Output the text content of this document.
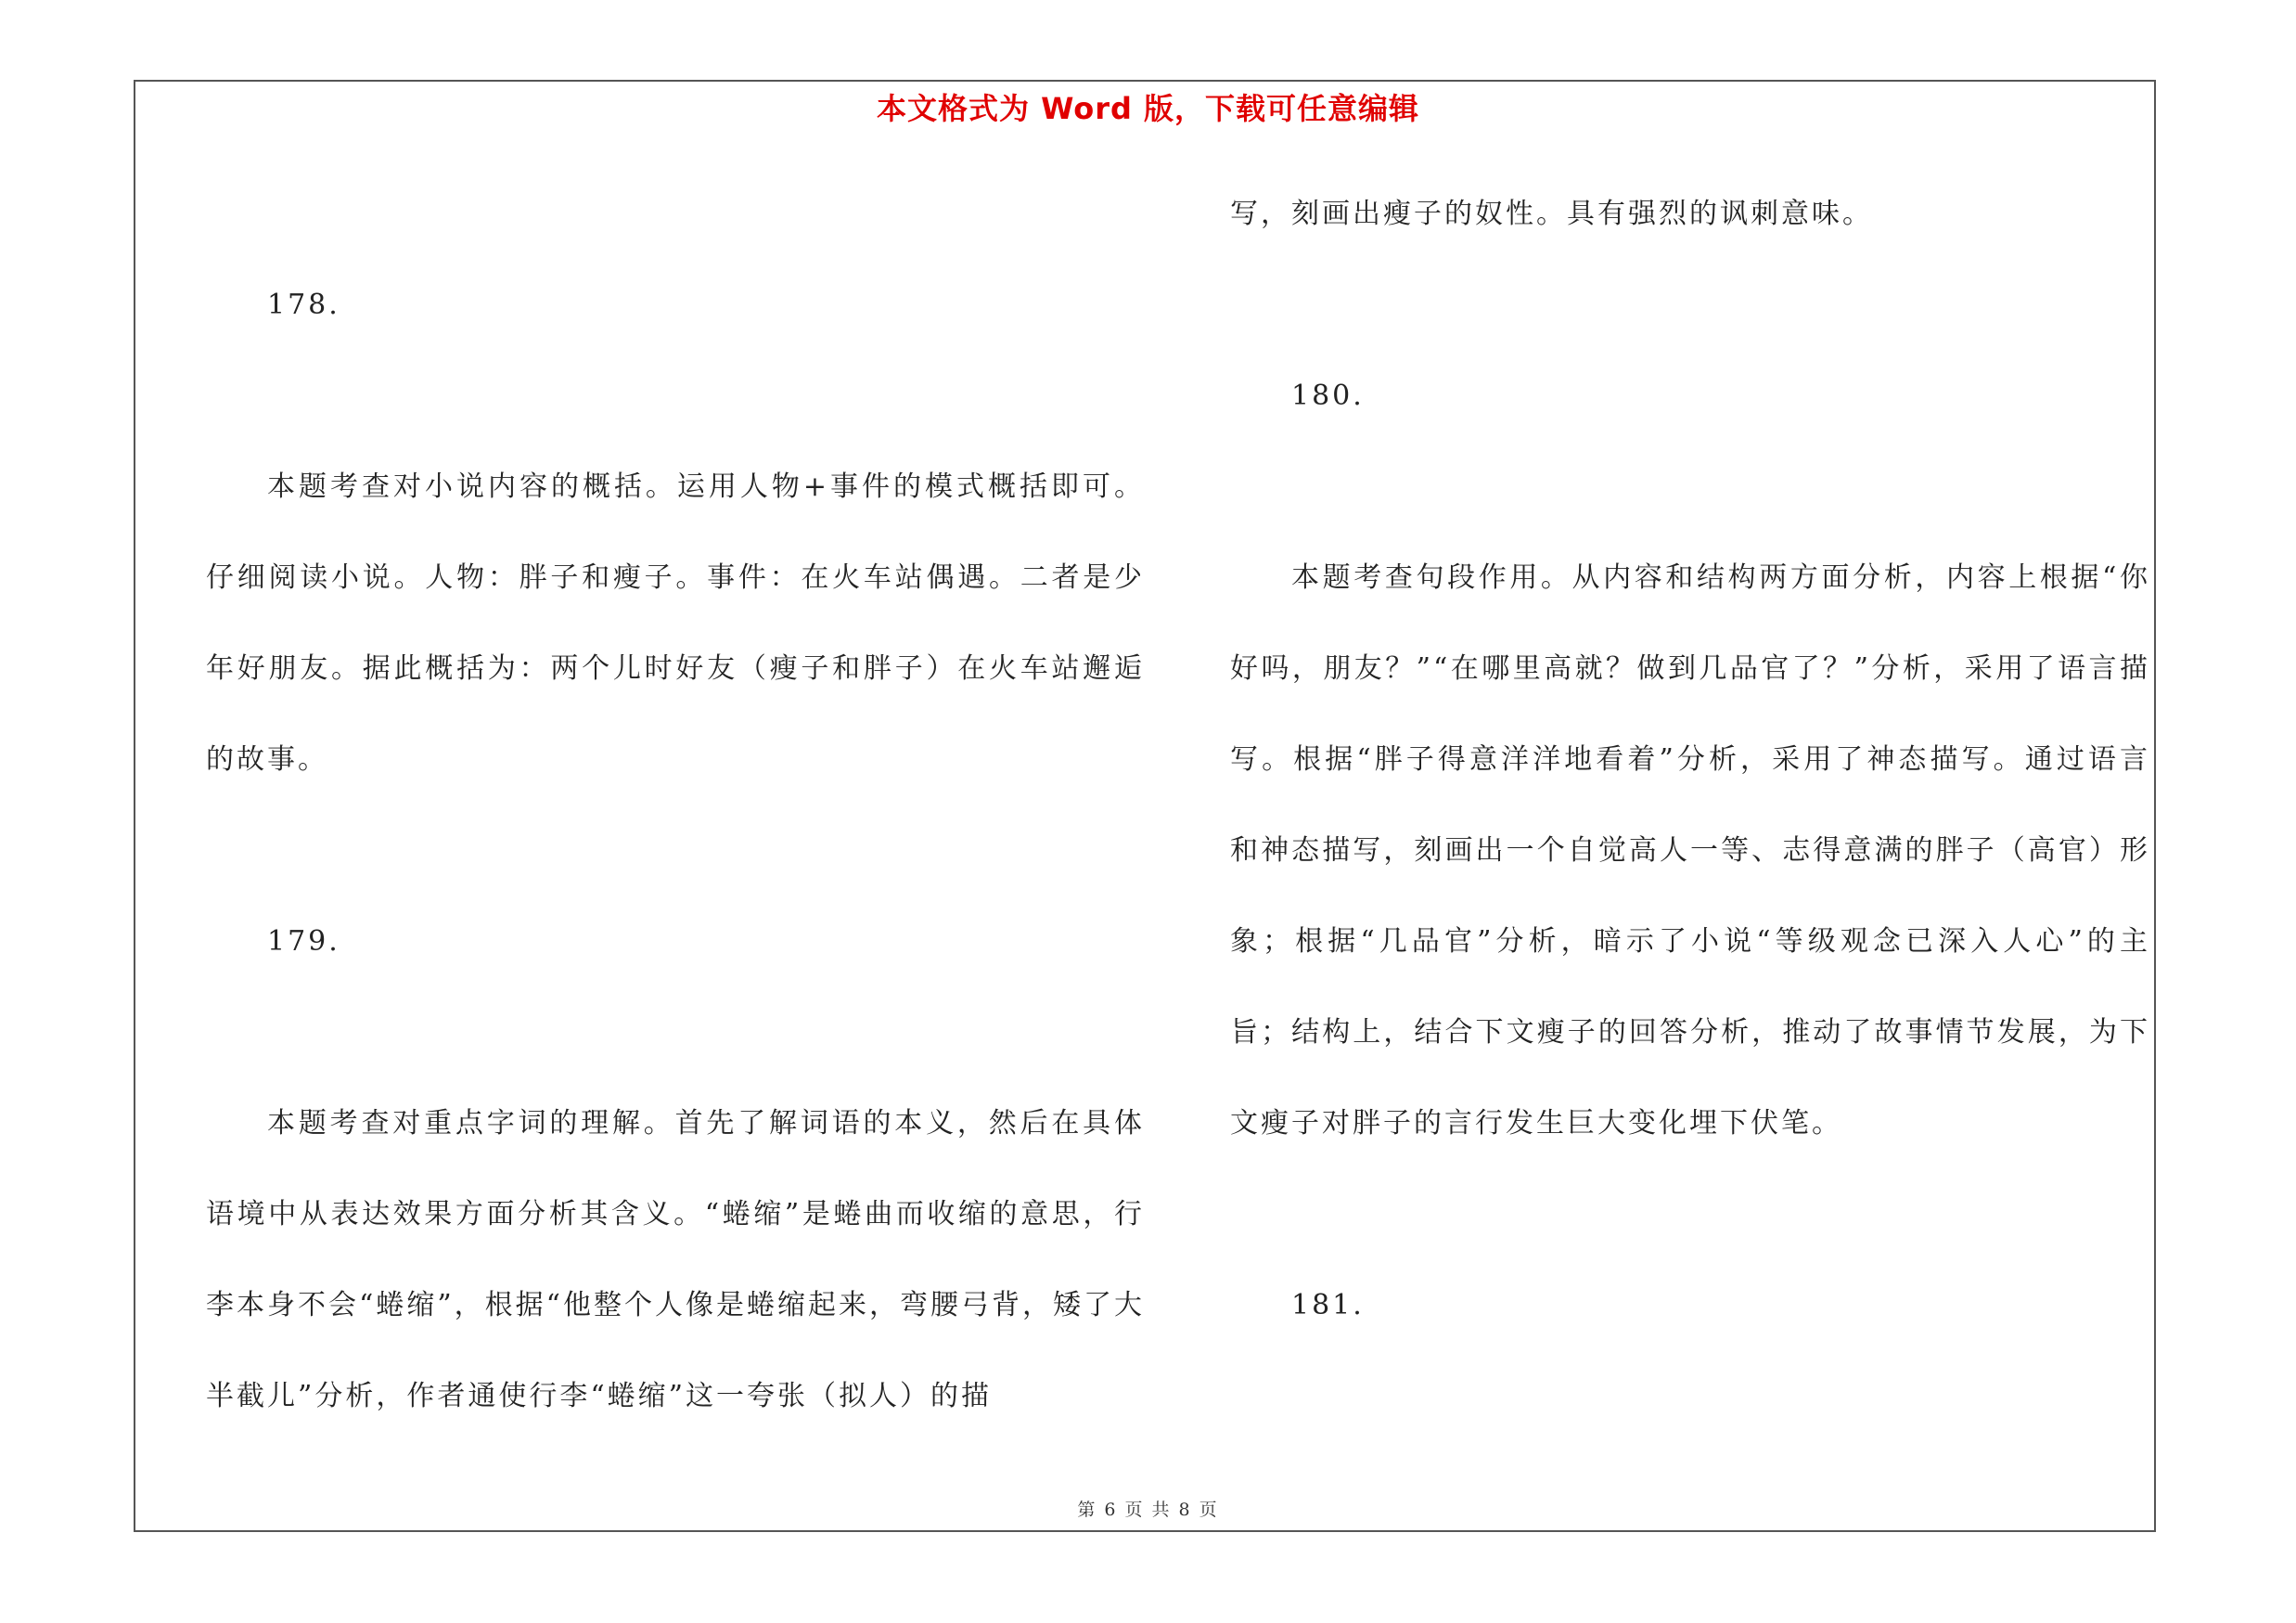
本文格式为 Word 版，下载可任意编辑

178.

本题考查对小说内容的概括。运用人物+事件的模式概括即可。仔细阅读小说。人物：胖子和瘦子。事件：在火车站偶遇。二者是少年好朋友。据此概括为：两个儿时好友（瘦子和胖子）在火车站邂逅的故事。

179.

本题考查对重点字词的理解。首先了解词语的本义，然后在具体语境中从表达效果方面分析其含义。“蜷缩”是蜷曲而收缩的意思，行李本身不会“蜷缩”，根据“他整个人像是蜷缩起来，弯腰弓背，矮了大半截儿”分析，作者通使行李“蜷缩”这一夸张（拟人）的描

写，刻画出瘦子的奴性。具有强烈的讽刺意味。

180.

本题考查句段作用。从内容和结构两方面分析，内容上根据“你好吗，朋友？”“在哪里高就？做到几品官了？”分析，采用了语言描写。根据“胖子得意洋洋地看着”分析，采用了神态描写。通过语言和神态描写，刻画出一个自觉高人一等、志得意满的胖子（高官）形象；根据“几品官”分析，暗示了小说“等级观念已深入人心”的主旨；结构上，结合下文瘦子的回答分析，推动了故事情节发展，为下文瘦子对胖子的言行发生巨大变化埋下伏笔。

181.

第 6 页 共 8 页
